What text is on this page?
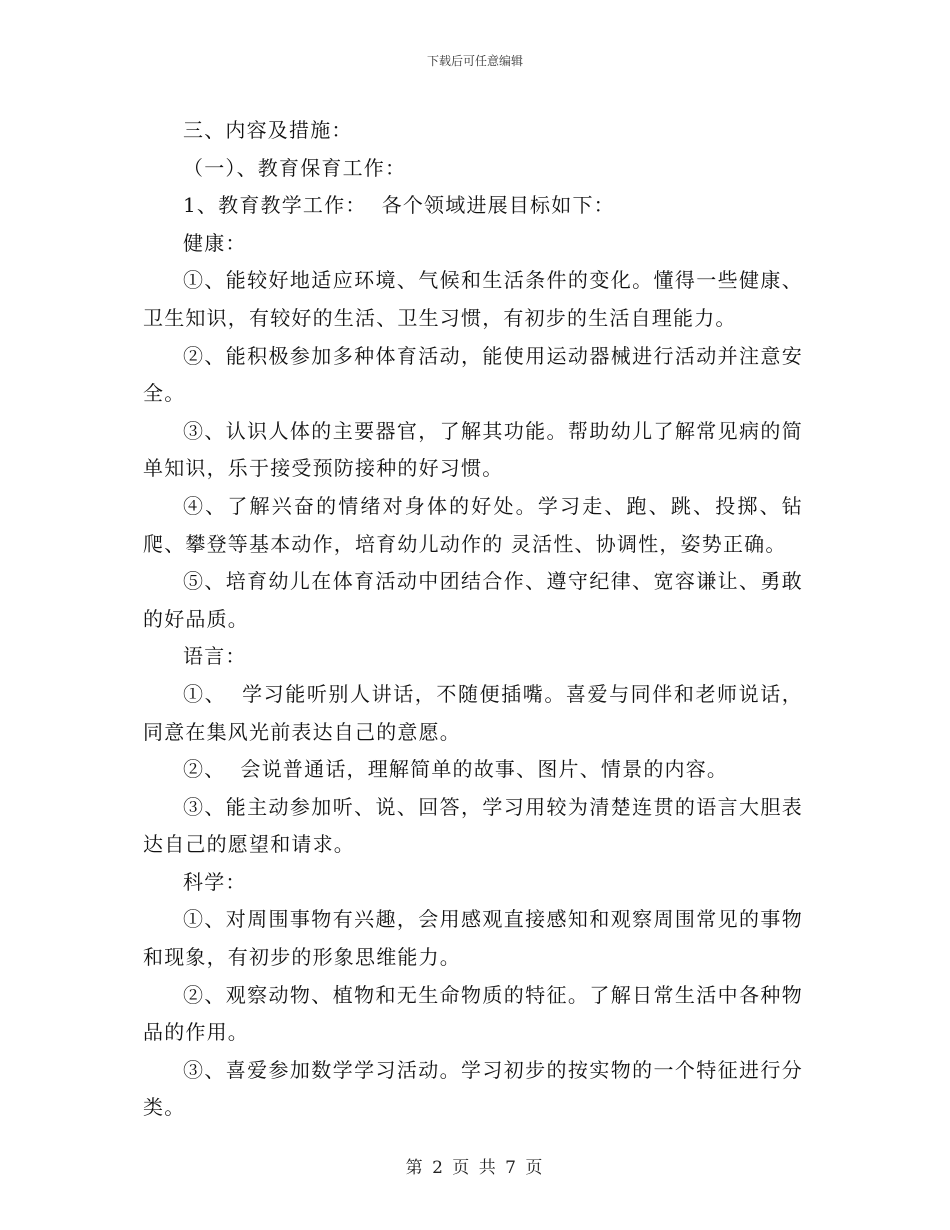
下载后可任意编辑

三、内容及措施：

（一）、教育保育工作：

1、教育教学工作：  各个领域进展目标如下：

健康：

①、能较好地适应环境、气候和生活条件的变化。懂得一些健康、卫生知识，有较好的生活、卫生习惯，有初步的生活自理能力。

②、能积极参加多种体育活动，能使用运动器械进行活动并注意安全。

③、认识人体的主要器官，了解其功能。帮助幼儿了解常见病的简单知识，乐于接受预防接种的好习惯。

④、了解兴奋的情绪对身体的好处。学习走、跑、跳、投掷、钻爬、攀登等基本动作，培育幼儿动作的 灵活性、协调性，姿势正确。

⑤、培育幼儿在体育活动中团结合作、遵守纪律、宽容谦让、勇敢的好品质。

语言：

①、  学习能听别人讲话，不随便插嘴。喜爱与同伴和老师说话，同意在集风光前表达自己的意愿。

②、  会说普通话，理解简单的故事、图片、情景的内容。

③、能主动参加听、说、回答，学习用较为清楚连贯的语言大胆表达自己的愿望和请求。

科学：

①、对周围事物有兴趣，会用感观直接感知和观察周围常见的事物和现象，有初步的形象思维能力。

②、观察动物、植物和无生命物质的特征。了解日常生活中各种物品的作用。

③、喜爱参加数学学习活动。学习初步的按实物的一个特征进行分类。

第 2 页 共 7 页
